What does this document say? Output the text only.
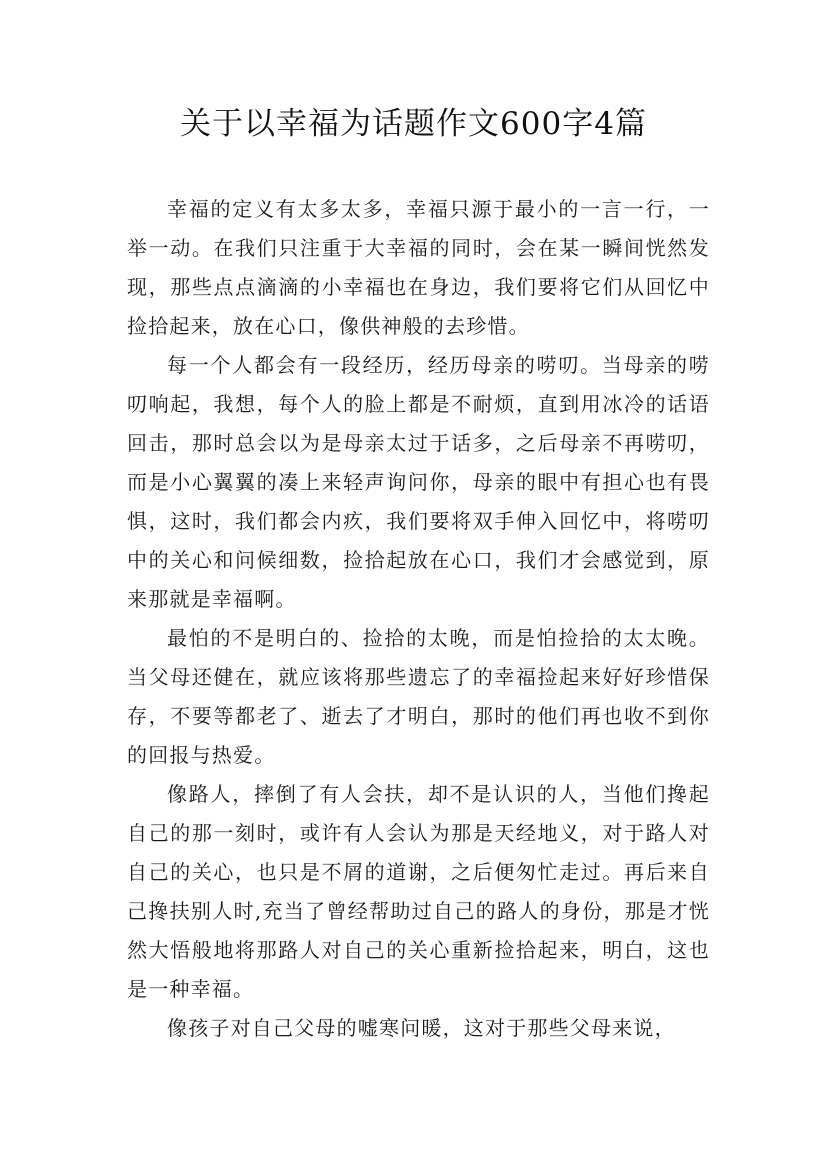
关于以幸福为话题作文600字4篇

幸福的定义有太多太多，幸福只源于最小的一言一行，一举一动。在我们只注重于大幸福的同时，会在某一瞬间恍然发现，那些点点滴滴的小幸福也在身边，我们要将它们从回忆中捡拾起来，放在心口，像供神般的去珍惜。

每一个人都会有一段经历，经历母亲的唠叨。当母亲的唠叨响起，我想，每个人的脸上都是不耐烦，直到用冰冷的话语回击，那时总会以为是母亲太过于话多，之后母亲不再唠叨，而是小心翼翼的凑上来轻声询问你，母亲的眼中有担心也有畏惧，这时，我们都会内疚，我们要将双手伸入回忆中，将唠叨中的关心和问候细数，捡拾起放在心口，我们才会感觉到，原来那就是幸福啊。

最怕的不是明白的、捡拾的太晚，而是怕捡拾的太太晚。当父母还健在，就应该将那些遗忘了的幸福捡起来好好珍惜保存，不要等都老了、逝去了才明白，那时的他们再也收不到你的回报与热爱。

像路人，摔倒了有人会扶，却不是认识的人，当他们搀起自己的那一刻时，或许有人会认为那是天经地义，对于路人对自己的关心，也只是不屑的道谢，之后便匆忙走过。再后来自己搀扶别人时,充当了曾经帮助过自己的路人的身份，那是才恍然大悟般地将那路人对自己的关心重新捡拾起来，明白，这也是一种幸福。

像孩子对自己父母的嘘寒问暖，这对于那些父母来说，
